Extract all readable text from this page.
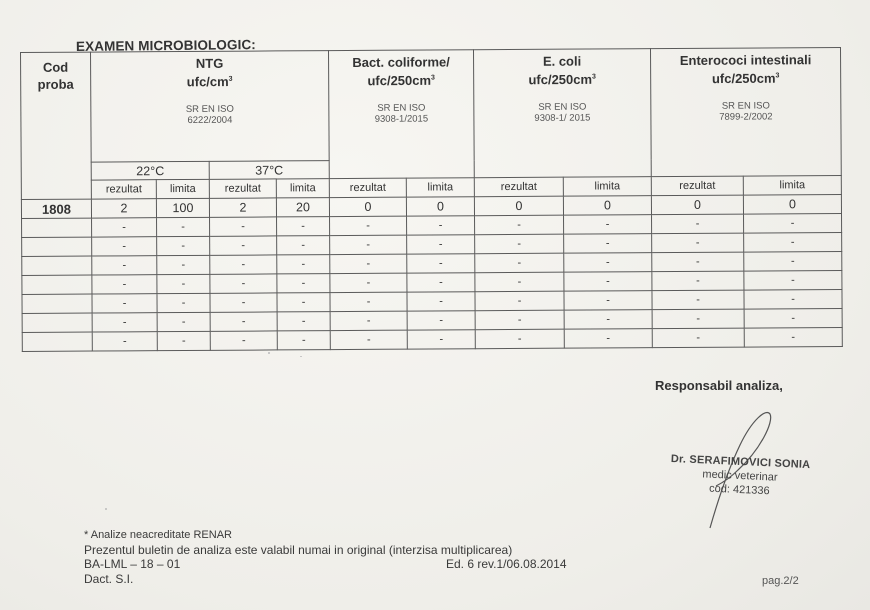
EXAMEN MICROBIOLOGIC:
Cod proba	
NTG
ufc/$cm^3$
SR EN ISO
6222/2004

Bact. coliforme/
ufc/$250cm^3$
SR EN ISO
9308-1/2015

E. coli
ufc/$250cm^3$
SR EN ISO
9308-1/ 2015

Enterococi intestinali
ufc/$250cm^3$
SR EN ISO
7899-2/2002

	22°C		37°C							
	rezultat	limita	rezultat	limita	rezultat	limita	rezultat	limita	rezultat	limita
1808	2	100	2	20	0	0	0	0	0	0
	-	-	-	-	-	-	-	-	-	-
	-	-	-	-	-	-	-	-	-	-
	-	-	-	-	-	-	-	-	-	-
	-	-	-	-	-	-	-	-	-	-
	-	-	-	-	-	-	-	-	-	-
	-	-	-	-	-	-	-	-	-	-
	-	-	-	-	-	-	-	-	-	-
Responsabil analiza,
Dr. SERAFIMOVICI SONIA
medic veterinar
cod: 421336
* Analize neacreditate RENAR
Prezentul buletin de analiza este valabil numai in original (interzisa multiplicarea)
BA-LML – 18 – 01	Ed. 6 rev.1/06.08.2014
Dact. S.I.	pag.2/2
